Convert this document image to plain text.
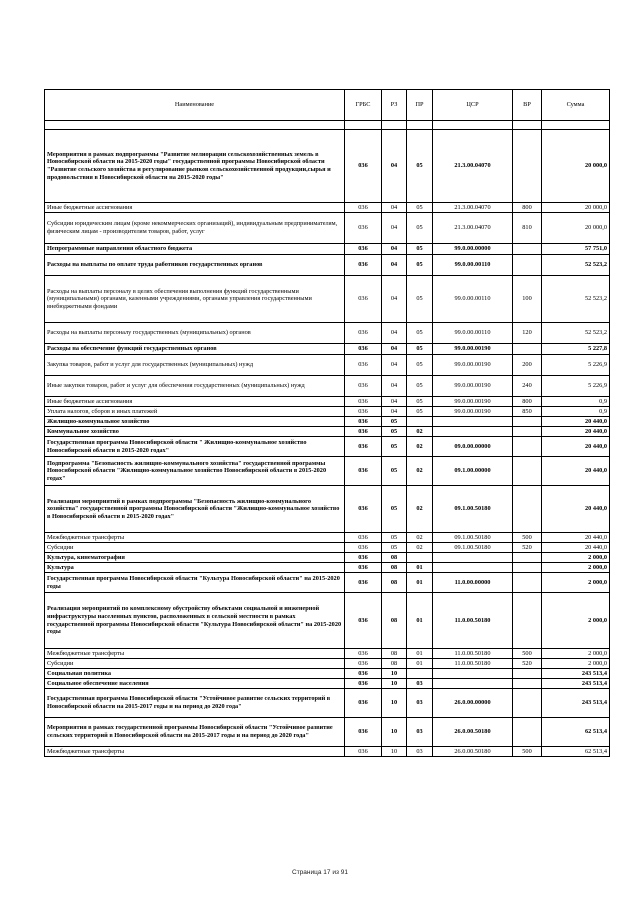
Наименование	ГРБС	РЗ	ПР	ЦСР	ВР	Сумма

Мероприятия в рамках подпрограммы "Развитие мелиорации сельскохозяйственных земель в Новосибирской области на 2015-2020 годы" государственной программы Новосибирской области "Развитие сельского хозяйства и регулирование рынков сельскохозяйственной продукции,сырья и продовольствия в Новосибирской области на 2015-2020 годы"	036	04	05	21.3.00.04070		20 000,0
Иные бюджетные ассигнования	036	04	05	21.3.00.04070	800	20 000,0
Субсидии юридическим лицам (кроме некоммерческих организаций), индивидуальным предпринимателям, физическим лицам - производителям товаров, работ, услуг	036	04	05	21.3.00.04070	810	20 000,0
Непрограммные направления областного бюджета	036	04	05	99.0.00.00000		57 751,0
Расходы на выплаты по оплате труда работников государственных органов	036	04	05	99.0.00.00110		52 523,2
Расходы на выплаты персоналу в целях обеспечения выполнения функций государственными (муниципальными) органами, казенными учреждениями, органами управления государственными внебюджетными фондами	036	04	05	99.0.00.00110	100	52 523,2
Расходы на выплаты персоналу государственных (муниципальных) органов	036	04	05	99.0.00.00110	120	52 523,2
Расходы на обеспечение функций государственных органов	036	04	05	99.0.00.00190		5 227,8
Закупка товаров, работ и услуг для государственных (муниципальных) нужд	036	04	05	99.0.00.00190	200	5 226,9
Иные закупки товаров, работ и услуг для обеспечения государственных (муниципальных) нужд	036	04	05	99.0.00.00190	240	5 226,9
Иные бюджетные ассигнования	036	04	05	99.0.00.00190	800	0,9
Уплата налогов, сборов и иных платежей	036	04	05	99.0.00.00190	850	0,9
Жилищно-коммунальное хозяйство	036	05				20 440,0
Коммунальное хозяйство	036	05	02			20 440,0
Государственная программа Новосибирской области " Жилищно-коммунальное хозяйство Новосибирской области в 2015-2020 годах"	036	05	02	09.0.00.00000		20 440,0
Подпрограмма "Безопасность жилищно-коммунального хозяйства" государственной программы Новосибирской области "Жилищно-коммунальное хозяйство Новосибирской области в 2015-2020 годах"	036	05	02	09.1.00.00000		20 440,0
Реализация мероприятий в рамках подпрограммы "Безопасность жилищно-коммунального хозяйства" государственной программы Новосибирской области "Жилищно-коммунальное хозяйство в Новосибирской области в 2015-2020 годах"	036	05	02	09.1.00.50180		20 440,0
Межбюджетные трансферты	036	05	02	09.1.00.50180	500	20 440,0
Субсидии	036	05	02	09.1.00.50180	520	20 440,0
Культура, кинематография	036	08				2 000,0
Культура	036	08	01			2 000,0
Государственная программа Новосибирской области "Культура Новосибирской области" на 2015-2020 годы	036	08	01	11.0.00.00000		2 000,0
Реализация мероприятий по комплексному обустройству объектами социальной и инженерной инфраструктуры населенных пунктов, расположенных в сельской местности в рамках государственной программы Новосибирской области "Культура Новосибирской области" на 2015-2020 годы	036	08	01	11.0.00.50180		2 000,0
Межбюджетные трансферты	036	08	01	11.0.00.50180	500	2 000,0
Субсидии	036	08	01	11.0.00.50180	520	2 000,0
Социальная политика	036	10				243 513,4
Социальное обеспечение населения	036	10	03			243 513,4
Государственная программа Новосибирской области "Устойчивое развитие сельских территорий в Новосибирской области на 2015-2017 годы и на период до 2020 года"	036	10	03	26.0.00.00000		243 513,4
Мероприятия в рамках государственной программы Новосибирской области "Устойчивое развитие сельских территорий в Новосибирской области на 2015-2017 годы и на период до 2020 года"	036	10	03	26.0.00.50180		62 513,4
Межбюджетные трансферты	036	10	03	26.0.00.50180	500	62 513,4
Страница 17 из 91
